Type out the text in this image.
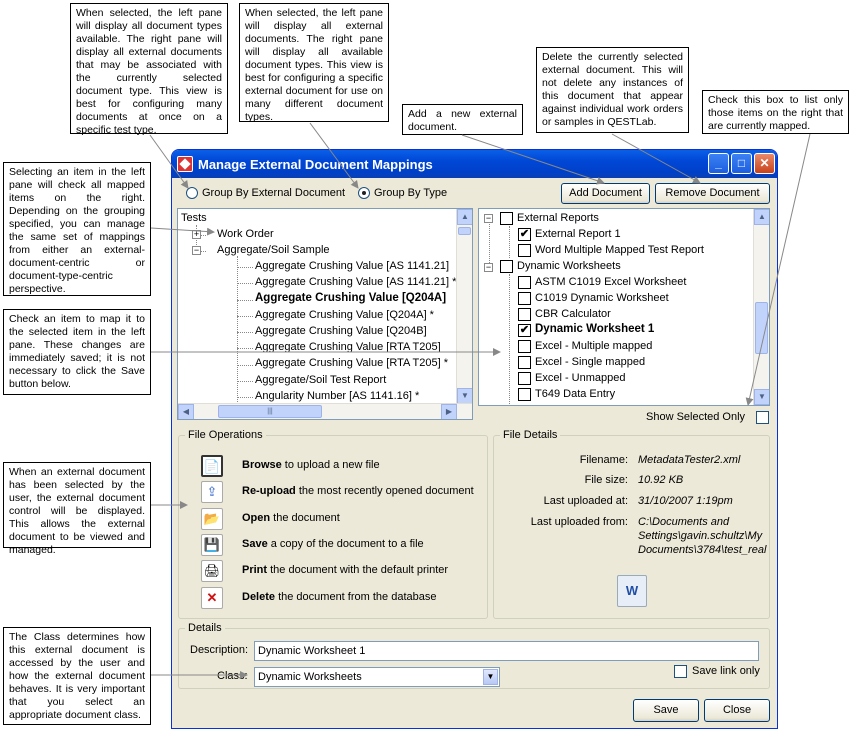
When selected, the left pane will display all document types available. The right pane will display all external documents that may be associated with the currently selected document type. This view is best for configuring many documents at once on a specific test type.
When selected, the left pane will display all external documents. The right pane will display all available document types. This view is best for configuring a specific external document for use on many different document types.	Add a new external document.
Delete the currently selected external document. This will not delete any instances of this document that appear against individual work orders or samples in QESTLab.
Check this box to list only those items on the right that are currently mapped.
Selecting an item in the left pane will check all mapped items on the right. Depending on the grouping specified, you can manage the same set of mappings from either an external-document-centric or document-type-centric perspective.
Check an item to map it to the selected item in the left pane. These changes are immediately saved; it is not necessary to click the Save button below.
When an external document has been selected by the user, the external document control will be displayed. This allows the external document to be viewed and managed.
The Class determines how this external document is accessed by the user and how the external document behaves. It is very important that you select an appropriate document class.
Manage External Document Mappings	_	□	✕
Group By External Document	Group By Type	Add Document	Remove Document
Tests
+ Work Order
− Aggregate/Soil Sample
Aggregate Crushing Value [AS 1141.21]
Aggregate Crushing Value [AS 1141.21] *
Aggregate Crushing Value [Q204A]
Aggregate Crushing Value [Q204A] *
Aggregate Crushing Value [Q204B]
Aggregate Crushing Value [RTA T205]
Aggregate Crushing Value [RTA T205] *
Aggregate/Soil Test Report
Angularity Number [AS 1141.16] *
▲
▼
◀	|||	▶
− External Reports
✔ External Report 1
Word Multiple Mapped Test Report
− Dynamic Worksheets
ASTM C1019 Excel Worksheet
C1019 Dynamic Worksheet
CBR Calculator
✔ Dynamic Worksheet 1
Excel - Multiple mapped
Excel - Single mapped
Excel - Unmapped
T649 Data Entry
▲
▼
Show Selected Only
File Operations
📄 Browse to upload a new file
⇪	Re-upload the most recently opened document
📂 Open the document
💾 Save a copy of the document to a file
🖨 Print the document with the default printer
✕	Delete the document from the database
File Details
Filename: MetadataTester2.xml
File size: 10.92 KB
Last uploaded at: 31/10/2007 1:19pm
Last uploaded from: C:\Documents and
Settings\gavin.schultz\My
Documents\3784\test_real
W
Details
Description: Dynamic Worksheet 1
Class: Dynamic Worksheets	▼	Save link only
Save	Close
